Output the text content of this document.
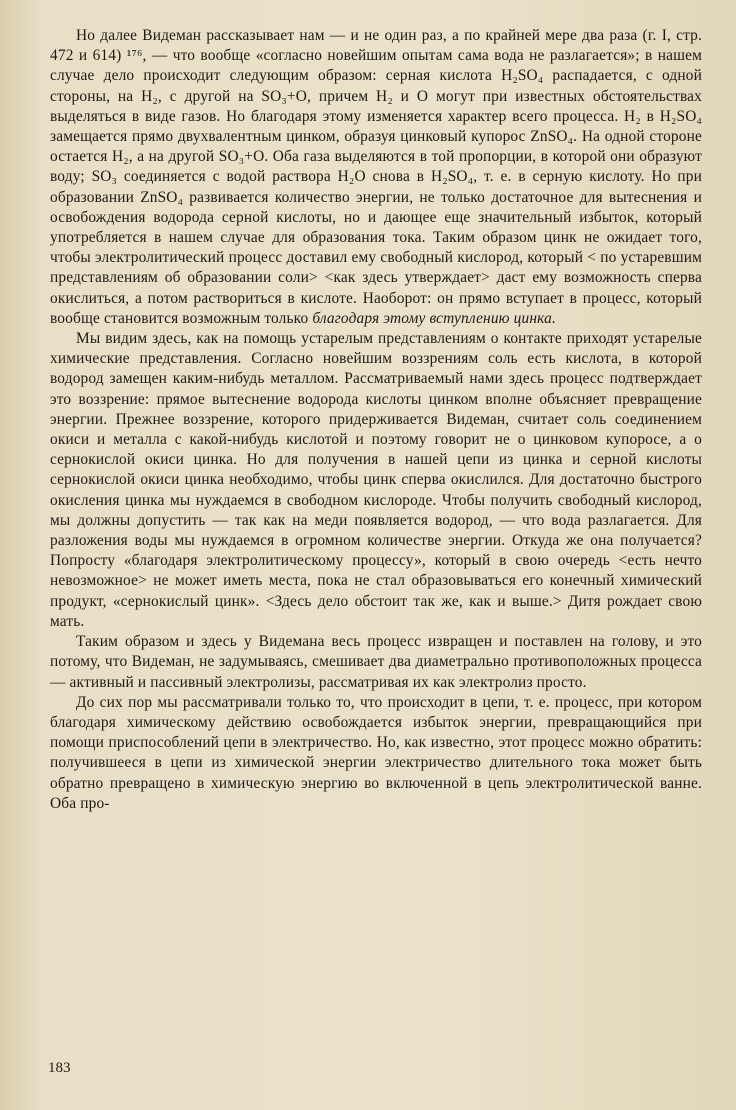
Но далее Видеман рассказывает нам — и не один раз, а по крайней мере два раза (г. I, стр. 472 и 614) ¹⁷⁶, — что вообще «согласно новейшим опытам сама вода не разлагается»; в нашем случае дело происходит следующим образом: серная кислота H₂SO₄ распадается, с одной стороны, на H₂, с другой на SO₃+O, причем H₂ и O могут при известных обстоятельствах выделяться в виде газов. Но благодаря этому изменяется характер всего процесса. H₂ в H₂SO₄ замещается прямо двухвалентным цинком, образуя цинковый купорос ZnSO₄. На одной стороне остается H₂, а на другой SO₃+O. Оба газа выделяются в той пропорции, в которой они образуют воду; SO₃ соединяется с водой раствора H₂O снова в H₂SO₄, т. е. в серную кислоту. Но при образовании ZnSO₄ развивается количество энергии, не только достаточное для вытеснения и освобождения водорода серной кислоты, но и дающее еще значительный избыток, который употребляется в нашем случае для образования тока. Таким образом цинк не ожидает того, чтобы электролитический процесс доставил ему свободный кислород, который < по устаревшим представлениям об образовании соли> <как здесь утверждает> даст ему возможность сперва окислиться, а потом раствориться в кислоте. Наоборот: он прямо вступает в процесс, который вообще становится возможным только благодаря этому вступлению цинка.

Мы видим здесь, как на помощь устарелым представлениям о контакте приходят устарелые химические представления. Согласно новейшим воззрениям соль есть кислота, в которой водород замещен каким-нибудь металлом. Рассматриваемый нами здесь процесс подтверждает это воззрение: прямое вытеснение водорода кислоты цинком вполне объясняет превращение энергии. Прежнее воззрение, которого придерживается Видеман, считает соль соединением окиси и металла с какой-нибудь кислотой и поэтому говорит не о цинковом купоросе, а о сернокислой окиси цинка. Но для получения в нашей цепи из цинка и серной кислоты сернокислой окиси цинка необходимо, чтобы цинк сперва окислился. Для достаточно быстрого окисления цинка мы нуждаемся в свободном кислороде. Чтобы получить свободный кислород, мы должны допустить — так как на меди появляется водород, — что вода разлагается. Для разложения воды мы нуждаемся в огромном количестве энергии. Откуда же она получается? Попросту «благодаря электролитическому процессу», который в свою очередь <есть нечто невозможное> не может иметь места, пока не стал образовываться его конечный химический продукт, «сернокислый цинк». <Здесь дело обстоит так же, как и выше.> Дитя рождает свою мать.

Таким образом и здесь у Видемана весь процесс извращен и поставлен на голову, и это потому, что Видеман, не задумываясь, смешивает два диаметрально противоположных процесса — активный и пассивный электролизы, рассматривая их как электролиз просто.

До сих пор мы рассматривали только то, что происходит в цепи, т. е. процесс, при котором благодаря химическому действию освобождается избыток энергии, превращающийся при помощи приспособлений цепи в электричество. Но, как известно, этот процесс можно обратить: получившееся в цепи из химической энергии электричество длительного тока может быть обратно превращено в химическую энергию во включенной в цепь электролитической ванне. Оба про-

183
